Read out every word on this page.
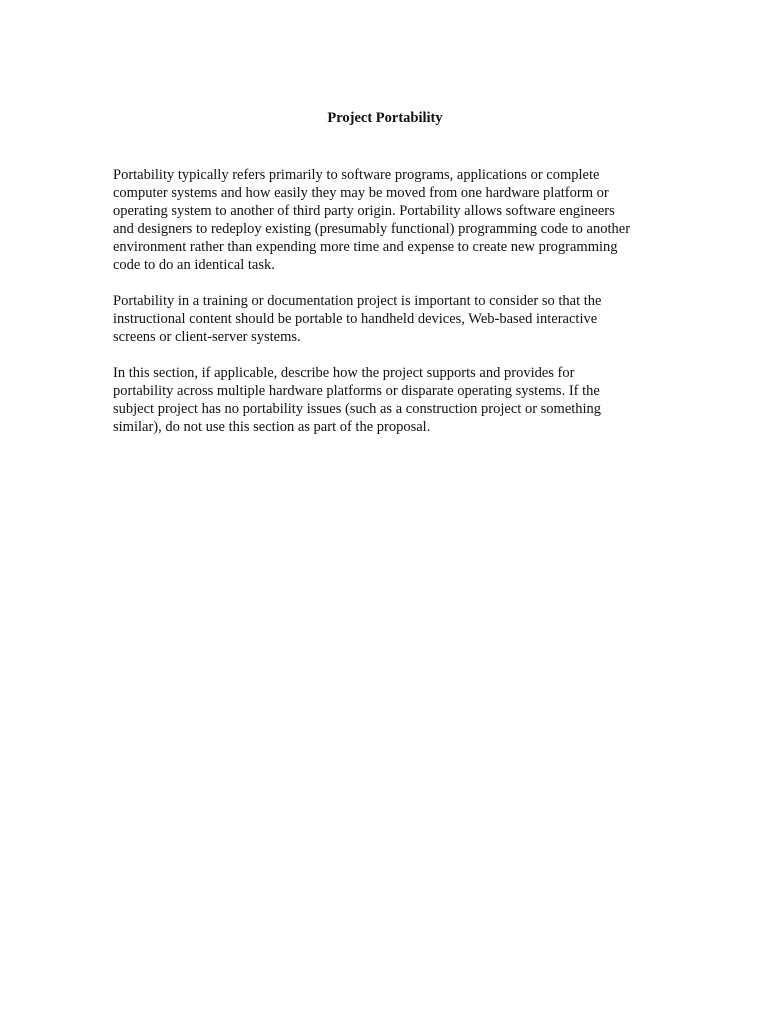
Project Portability

Portability typically refers primarily to software programs, applications or complete
computer systems and how easily they may be moved from one hardware platform or
operating system to another of third party origin. Portability allows software engineers
and designers to redeploy existing (presumably functional) programming code to another
environment rather than expending more time and expense to create new programming
code to do an identical task.

Portability in a training or documentation project is important to consider so that the
instructional content should be portable to handheld devices, Web-based interactive
screens or client-server systems.

In this section, if applicable, describe how the project supports and provides for
portability across multiple hardware platforms or disparate operating systems. If the
subject project has no portability issues (such as a construction project or something
similar), do not use this section as part of the proposal.
